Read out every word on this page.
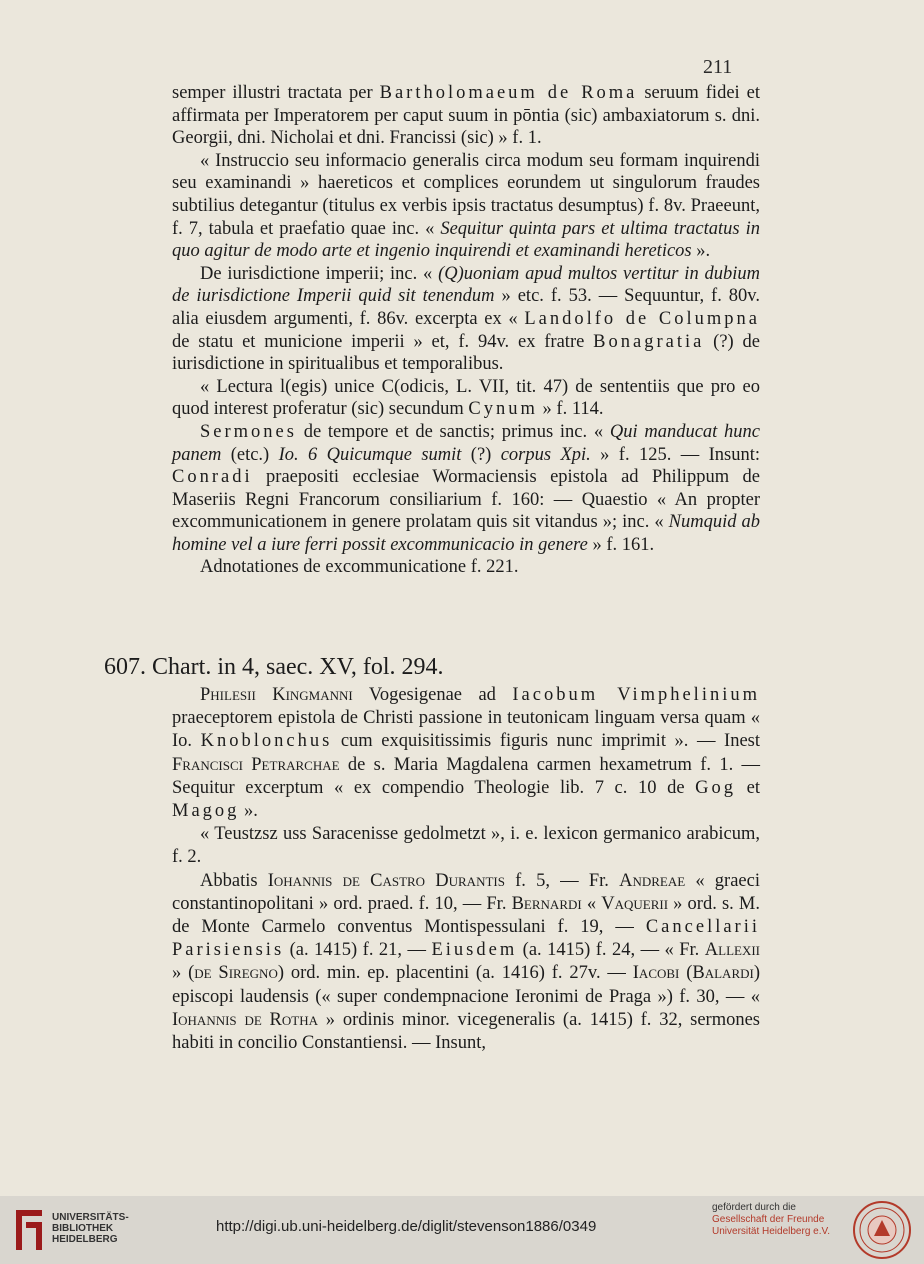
211

semper illustri tractata per Bartholomaeum de Roma seruum fidei et affirmata per Imperatorem per caput suum in pōntia (sic) ambaxiatorum s. dni. Georgii, dni. Nicholai et dni. Francissi (sic) » f. 1.

« Instruccio seu informacio generalis circa modum seu formam inquirendi seu examinandi » haereticos et complices eorundem ut singulorum fraudes subtilius detegantur (titulus ex verbis ipsis tractatus desumptus) f. 8v. Praeeunt, f. 7, tabula et praefatio quae inc. « Sequitur quinta pars et ultima tractatus in quo agitur de modo arte et ingenio inquirendi et examinandi hereticos ».

De iurisdictione imperii; inc. « (Q)uoniam apud multos vertitur in dubium de iurisdictione Imperii quid sit tenendum » etc. f. 53. — Sequuntur, f. 80v. alia eiusdem argumenti, f. 86v. excerpta ex « Landolfo de Columpna de statu et municione imperii » et, f. 94v. ex fratre Bonagratia (?) de iurisdictione in spiritualibus et temporalibus.

« Lectura l(egis) unice C(odicis, L. VII, tit. 47) de sententiis que pro eo quod interest proferatur (sic) secundum Cynum » f. 114.

Sermones de tempore et de sanctis; primus inc. « Qui manducat hunc panem (etc.) Io. 6 Quicumque sumit (?) corpus Xpi. » f. 125. — Insunt: Conradi praepositi ecclesiae Wormaciensis epistola ad Philippum de Maseriis Regni Francorum consiliarium f. 160: — Quaestio « An propter excommunicationem in genere prolatam quis sit vitandus »; inc. « Numquid ab homine vel a iure ferri possit excommunicacio in genere » f. 161.

Adnotationes de excommunicatione f. 221.

607. Chart. in 4, saec. XV, fol. 294.

Philesii Kingmanni Vogesigenae ad Iacobum Vimphelinium praeceptorem epistola de Christi passione in teutonicam linguam versa quam « Io. Knoblonchus cum exquisitissimis figuris nunc imprimit ». — Inest Francisci Petrarchae de s. Maria Magdalena carmen hexametrum f. 1. — Sequitur excerptum « ex compendio Theologie lib. 7 c. 10 de Gog et Magog ».

« Teustzsz uss Saracenisse gedolmetzt », i. e. lexicon germanico arabicum, f. 2.

Abbatis Iohannis de Castro Durantis f. 5, — Fr. Andreae « graeci constantinopolitani » ord. praed. f. 10, — Fr. Bernardi « Vaquerii » ord. s. M. de Monte Carmelo conventus Montispessulani f. 19, — Cancellarii Parisiensis (a. 1415) f. 21, — Eiusdem (a. 1415) f. 24, — « Fr. Allexii » (de Siregno) ord. min. ep. placentini (a. 1416) f. 27v. — Iacobi (Balardi) episcopi laudensis (« super condempnacione Ieronimi de Praga ») f. 30, — « Iohannis de Rotha » ordinis minor. vicegeneralis (a. 1415) f. 32, sermones habiti in concilio Constantiensi. — Insunt,

UNIVERSITÄTS-
BIBLIOTHEK
HEIDELBERG
http://digi.ub.uni-heidelberg.de/diglit/stevenson1886/0349
gefördert durch die
Gesellschaft der Freunde
Universität Heidelberg e.V.
